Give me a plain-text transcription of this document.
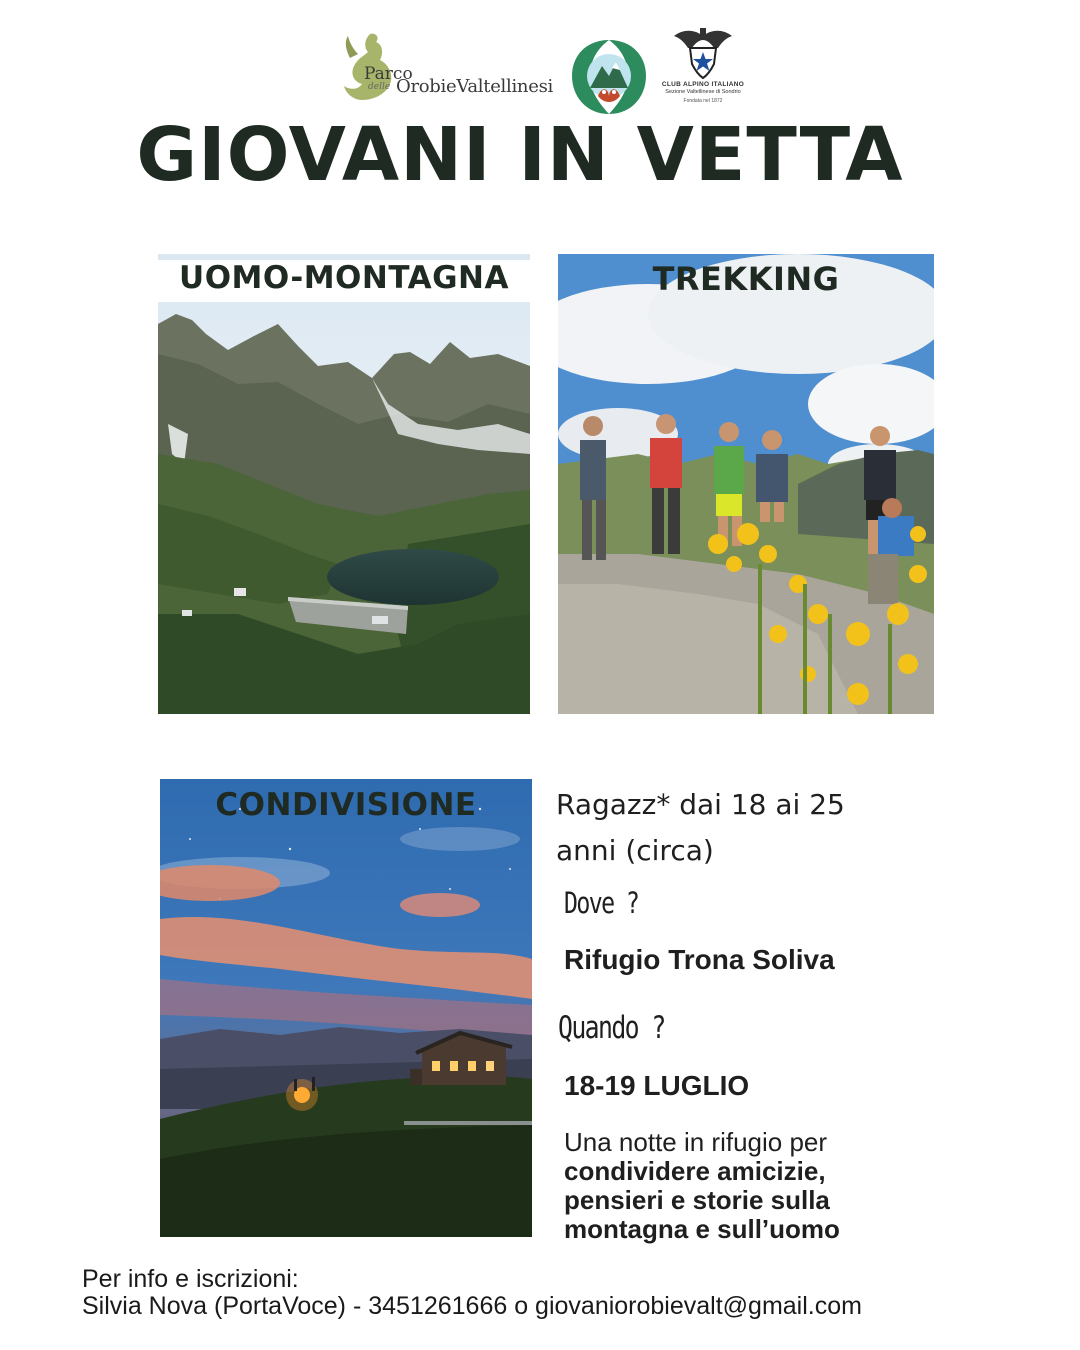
Parco
delle OrobieValtellinesi	CLUB ALPINO ITALIANO
Sezione Valtellinese di Sondrio
Fondata nel 1872
GIOVANI IN VETTA
UOMO-MONTAGNA	TREKKING
CONDIVISIONE	Ragazz* dai 18 ai 25 anni (circa)
Dove ?
Rifugio Trona Soliva
Quando ?
18-19 LUGLIO
Una notte in rifugio per
condividere amicizie, pensieri e storie sulla montagna e sull’uomo
Per info e iscrizioni:
Silvia Nova (PortaVoce) - 3451261666 o giovaniorobievalt@gmail.com
